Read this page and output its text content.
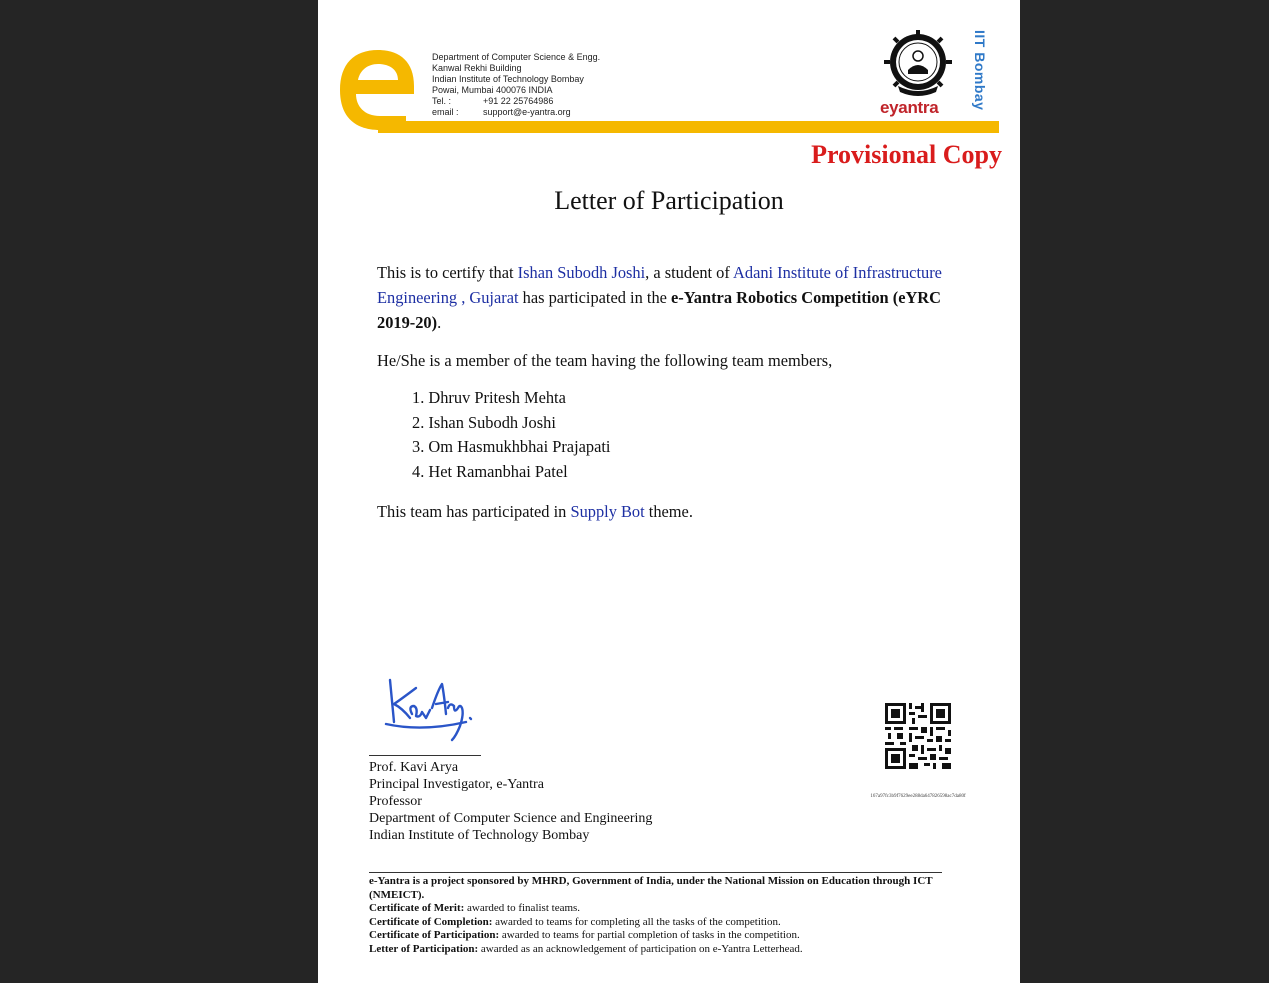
Department of Computer Science & Engg.
Kanwal Rekhi Building
Indian Institute of Technology Bombay
Powai, Mumbai 400076 INDIA
Tel. :	+91 22 25764986
email :	support@e-yantra.org	eyantra IIT Bombay
Provisional Copy
Letter of Participation
This is to certify that Ishan Subodh Joshi, a student of Adani Institute of Infrastructure Engineering , Gujarat has participated in the e-Yantra Robotics Competition (eYRC 2019-20).
He/She is a member of the team having the following team members,
1. Dhruv Pritesh Mehta
2. Ishan Subodh Joshi
3. Om Hasmukhbhai Prajapati
4. Het Ramanbhai Patel
This team has participated in Supply Bot theme.
Prof. Kavi Arya
Principal Investigator, e-Yantra
Professor
Department of Computer Science and Engineering
Indian Institute of Technology Bombay
167a97fc3b9f7629ee288da647826598ac7da80f
e-Yantra is a project sponsored by MHRD, Government of India, under the National Mission on Education through ICT (NMEICT).
Certificate of Merit: awarded to finalist teams.
Certificate of Completion: awarded to teams for completing all the tasks of the competition.
Certificate of Participation: awarded to teams for partial completion of tasks in the competition.
Letter of Participation: awarded as an acknowledgement of participation on e-Yantra Letterhead.
